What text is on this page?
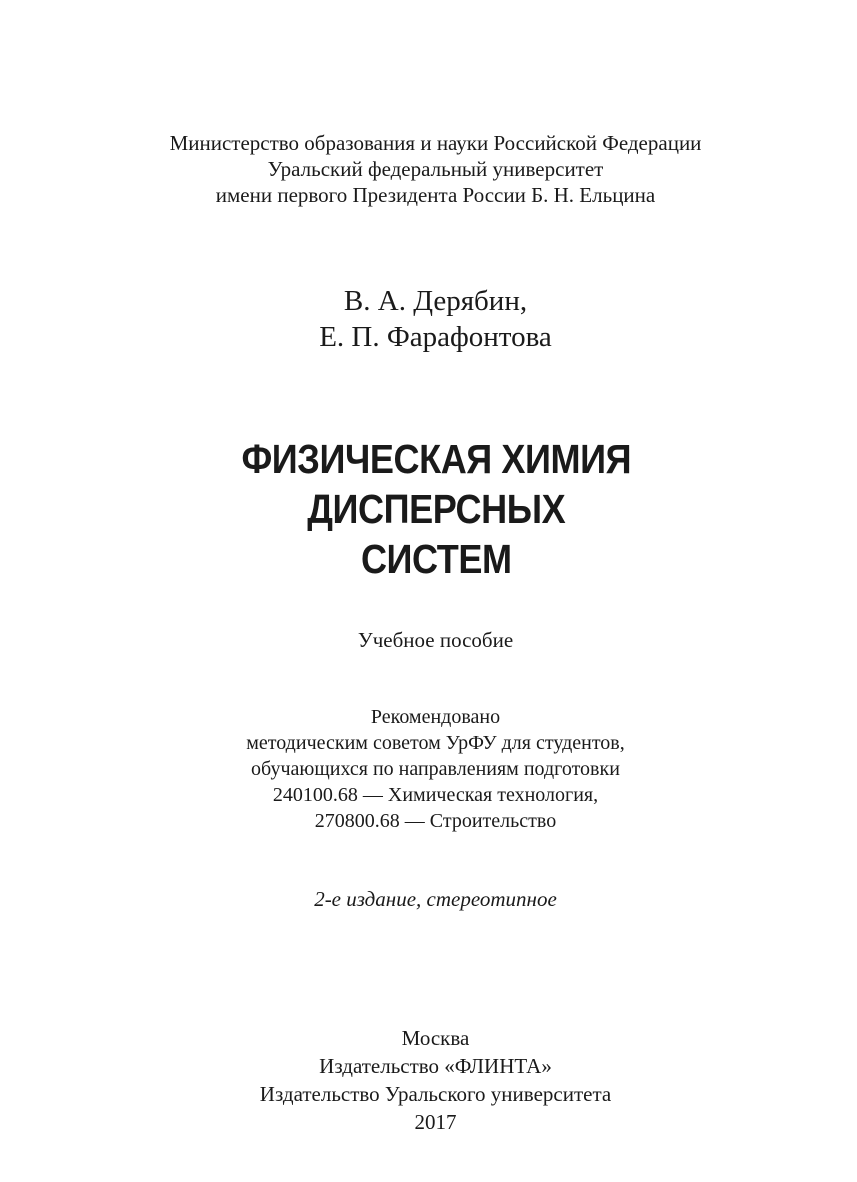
Министерство образования и науки Российской Федерации
Уральский федеральный университет
имени первого Президента России Б. Н. Ельцина
В. А. Дерябин,
Е. П. Фарафонтова
ФИЗИЧЕСКАЯ ХИМИЯ
ДИСПЕРСНЫХ
СИСТЕМ
Учебное пособие
Рекомендовано
методическим советом УрФУ для студентов,
обучающихся по направлениям подготовки
240100.68 — Химическая технология,
270800.68 — Строительство
2-е издание, стереотипное
Москва
Издательство «ФЛИНТА»
Издательство Уральского университета
2017
